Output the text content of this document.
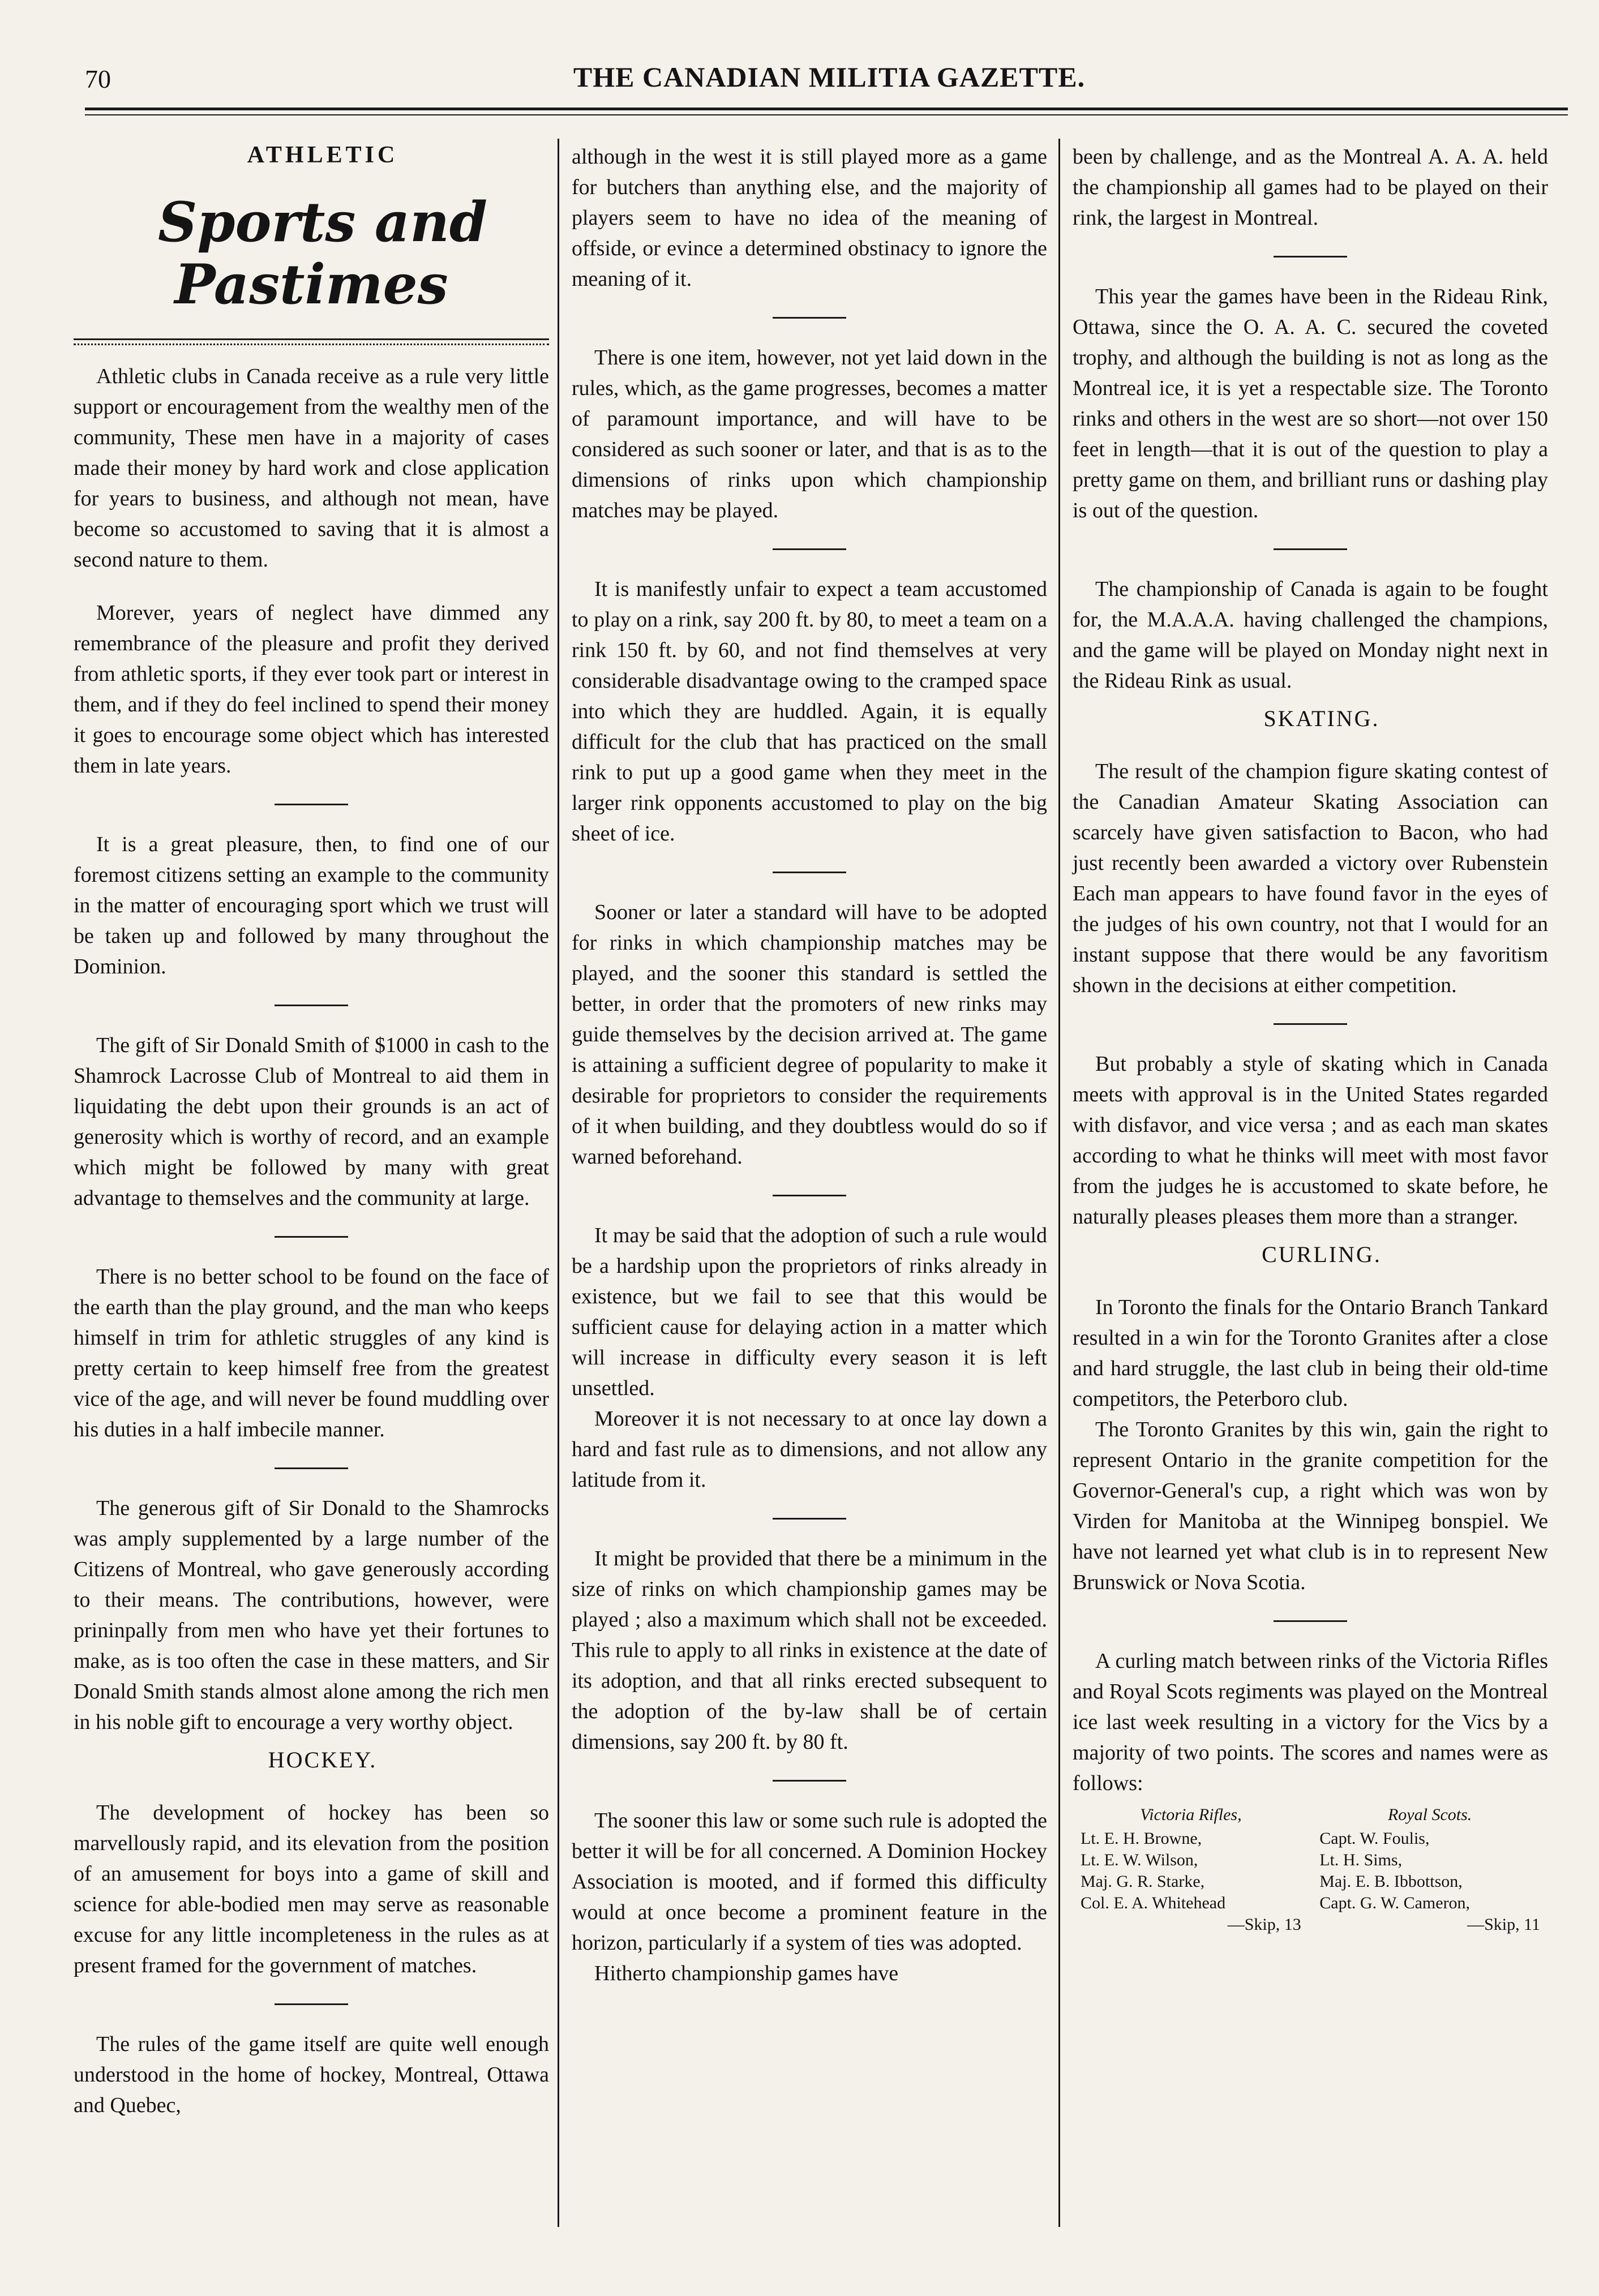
70	THE CANADIAN MILITIA GAZETTE.

ATHLETIC

Sports and Pastimes

Athletic clubs in Canada receive as a rule very little support or encouragement from the wealthy men of the community, These men have in a majority of cases made their money by hard work and close application for years to business, and although not mean, have become so accustomed to saving that it is almost a second nature to them.

Morever, years of neglect have dimmed any remembrance of the pleasure and profit they derived from athletic sports, if they ever took part or interest in them, and if they do feel inclined to spend their money it goes to encourage some object which has interested them in late years.

It is a great pleasure, then, to find one of our foremost citizens setting an example to the community in the matter of encouraging sport which we trust will be taken up and followed by many throughout the Dominion.

The gift of Sir Donald Smith of $1000 in cash to the Shamrock Lacrosse Club of Montreal to aid them in liquidating the debt upon their grounds is an act of generosity which is worthy of record, and an example which might be followed by many with great advantage to themselves and the community at large.

There is no better school to be found on the face of the earth than the play ground, and the man who keeps himself in trim for athletic struggles of any kind is pretty certain to keep himself free from the greatest vice of the age, and will never be found muddling over his duties in a half imbecile manner.

The generous gift of Sir Donald to the Shamrocks was amply supplemented by a large number of the Citizens of Montreal, who gave generously according to their means. The contributions, however, were prininpally from men who have yet their fortunes to make, as is too often the case in these matters, and Sir Donald Smith stands almost alone among the rich men in his noble gift to encourage a very worthy object.

HOCKEY.

The development of hockey has been so marvellously rapid, and its elevation from the position of an amusement for boys into a game of skill and science for able-bodied men may serve as reasonable excuse for any little incompleteness in the rules as at present framed for the government of matches.

The rules of the game itself are quite well enough understood in the home of hockey, Montreal, Ottawa and Quebec,

although in the west it is still played more as a game for butchers than anything else, and the majority of players seem to have no idea of the meaning of offside, or evince a determined obstinacy to ignore the meaning of it.

There is one item, however, not yet laid down in the rules, which, as the game progresses, becomes a matter of paramount importance, and will have to be considered as such sooner or later, and that is as to the dimensions of rinks upon which championship matches may be played.

It is manifestly unfair to expect a team accustomed to play on a rink, say 200 ft. by 80, to meet a team on a rink 150 ft. by 60, and not find themselves at very considerable disadvantage owing to the cramped space into which they are huddled. Again, it is equally difficult for the club that has practiced on the small rink to put up a good game when they meet in the larger rink opponents accustomed to play on the big sheet of ice.

Sooner or later a standard will have to be adopted for rinks in which championship matches may be played, and the sooner this standard is settled the better, in order that the promoters of new rinks may guide themselves by the decision arrived at. The game is attaining a sufficient degree of popularity to make it desirable for proprietors to consider the requirements of it when building, and they doubtless would do so if warned beforehand.

It may be said that the adoption of such a rule would be a hardship upon the proprietors of rinks already in existence, but we fail to see that this would be sufficient cause for delaying action in a matter which will increase in difficulty every season it is left unsettled.

Moreover it is not necessary to at once lay down a hard and fast rule as to dimensions, and not allow any latitude from it.

It might be provided that there be a minimum in the size of rinks on which championship games may be played ; also a maximum which shall not be exceeded. This rule to apply to all rinks in existence at the date of its adoption, and that all rinks erected subsequent to the adoption of the by-law shall be of certain dimensions, say 200 ft. by 80 ft.

The sooner this law or some such rule is adopted the better it will be for all concerned. A Dominion Hockey Association is mooted, and if formed this difficulty would at once become a prominent feature in the horizon, particularly if a system of ties was adopted.

Hitherto championship games have

been by challenge, and as the Montreal A. A. A. held the championship all games had to be played on their rink, the largest in Montreal.

This year the games have been in the Rideau Rink, Ottawa, since the O. A. A. C. secured the coveted trophy, and although the building is not as long as the Montreal ice, it is yet a respectable size. The Toronto rinks and others in the west are so short—not over 150 feet in length—that it is out of the question to play a pretty game on them, and brilliant runs or dashing play is out of the question.

The championship of Canada is again to be fought for, the M.A.A.A. having challenged the champions, and the game will be played on Monday night next in the Rideau Rink as usual.

SKATING.

The result of the champion figure skating contest of the Canadian Amateur Skating Association can scarcely have given satisfaction to Bacon, who had just recently been awarded a victory over Rubenstein Each man appears to have found favor in the eyes of the judges of his own country, not that I would for an instant suppose that there would be any favoritism shown in the decisions at either competition.

But probably a style of skating which in Canada meets with approval is in the United States regarded with disfavor, and vice versa ; and as each man skates according to what he thinks will meet with most favor from the judges he is accustomed to skate before, he naturally pleases pleases them more than a stranger.

CURLING.

In Toronto the finals for the Ontario Branch Tankard resulted in a win for the Toronto Granites after a close and hard struggle, the last club in being their old-time competitors, the Peterboro club.

The Toronto Granites by this win, gain the right to represent Ontario in the granite competition for the Governor-General's cup, a right which was won by Virden for Manitoba at the Winnipeg bonspiel. We have not learned yet what club is in to represent New Brunswick or Nova Scotia.

A curling match between rinks of the Victoria Rifles and Royal Scots regiments was played on the Montreal ice last week resulting in a victory for the Vics by a majority of two points. The scores and names were as follows:

Victoria Rifles,
Lt. E. H. Browne,
Lt. E. W. Wilson,
Maj. G. R. Starke,
Col. E. A. Whitehead
—Skip, 13
Royal Scots.
Capt. W. Foulis,
Lt. H. Sims,
Maj. E. B. Ibbottson,
Capt. G. W. Cameron,
—Skip, 11
